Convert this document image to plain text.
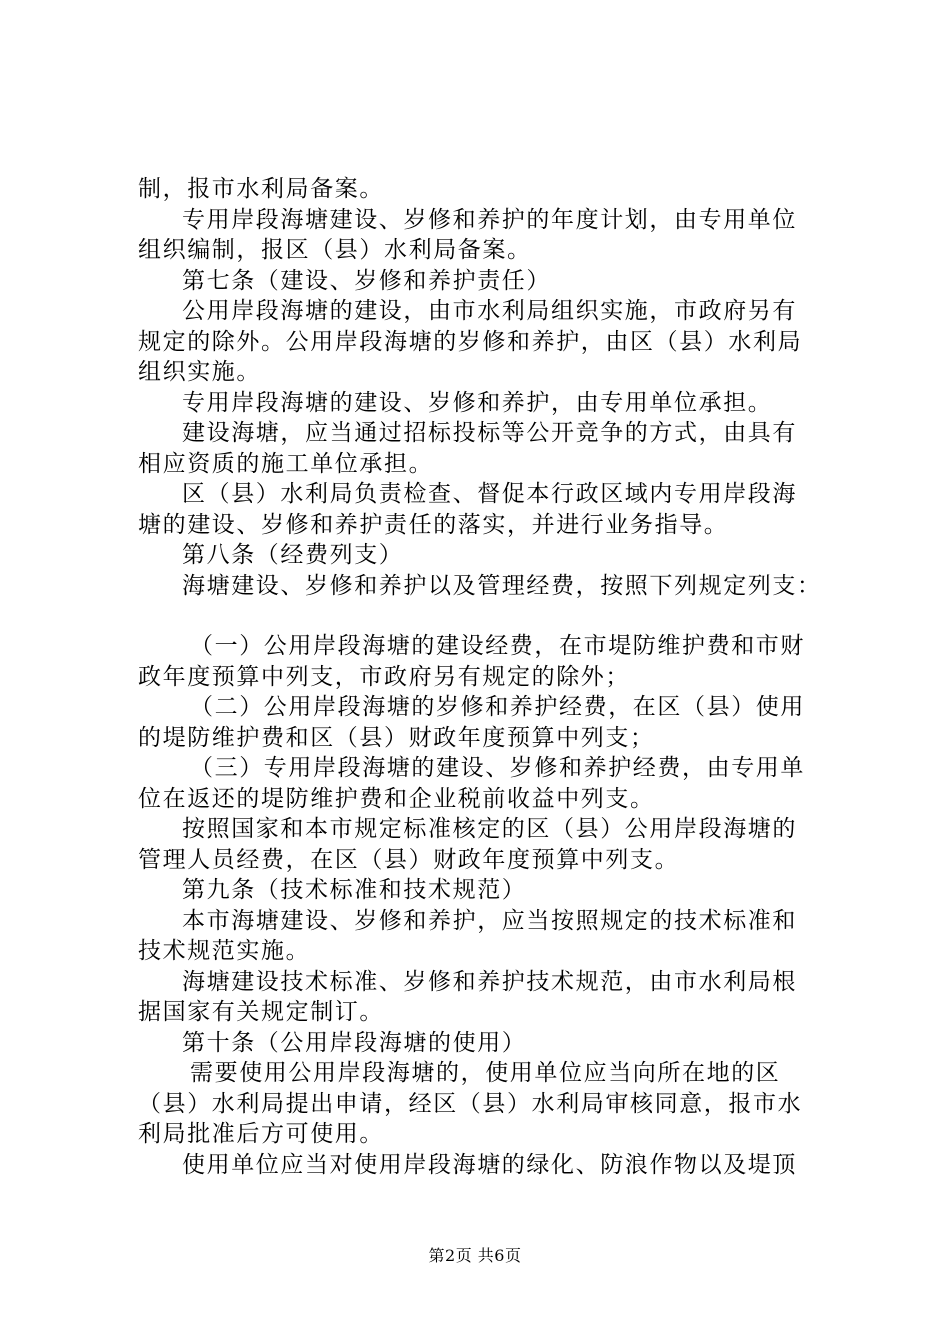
制，报市水利局备案。
专用岸段海塘建设、岁修和养护的年度计划，由专用单位
组织编制，报区（县）水利局备案。
第七条（建设、岁修和养护责任）
公用岸段海塘的建设，由市水利局组织实施，市政府另有
规定的除外。公用岸段海塘的岁修和养护，由区（县）水利局
组织实施。
专用岸段海塘的建设、岁修和养护，由专用单位承担。
建设海塘，应当通过招标投标等公开竞争的方式，由具有
相应资质的施工单位承担。
区（县）水利局负责检查、督促本行政区域内专用岸段海
塘的建设、岁修和养护责任的落实，并进行业务指导。
第八条（经费列支）
海塘建设、岁修和养护以及管理经费，按照下列规定列支：
（一）公用岸段海塘的建设经费，在市堤防维护费和市财
政年度预算中列支，市政府另有规定的除外；
（二）公用岸段海塘的岁修和养护经费，在区（县）使用
的堤防维护费和区（县）财政年度预算中列支；
（三）专用岸段海塘的建设、岁修和养护经费，由专用单
位在返还的堤防维护费和企业税前收益中列支。
按照国家和本市规定标准核定的区（县）公用岸段海塘的
管理人员经费，在区（县）财政年度预算中列支。
第九条（技术标准和技术规范）
本市海塘建设、岁修和养护，应当按照规定的技术标准和
技术规范实施。
海塘建设技术标准、岁修和养护技术规范，由市水利局根
据国家有关规定制订。
第十条（公用岸段海塘的使用）
需要使用公用岸段海塘的，使用单位应当向所在地的区
（县）水利局提出申请，经区（县）水利局审核同意，报市水
利局批准后方可使用。
使用单位应当对使用岸段海塘的绿化、防浪作物以及堤顶
第2页 共6页
